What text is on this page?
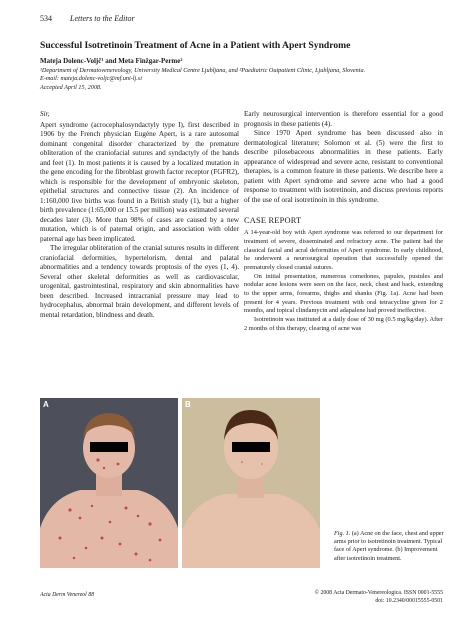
534 Letters to the Editor
Successful Isotretinoin Treatment of Acne in a Patient with Apert Syndrome
Mateja Dolenc-Voljč¹ and Meta Finžgar-Perme²
¹Department of Dermatovenereology, University Medical Centre Ljubljana, and ²Paediatric Outpatient Clinic, Ljubljana, Slovenia.
E-mail: mateja.dolenc-voljc@mf.uni-lj.si
Accepted April 15, 2008.

Sir,

Apert syndrome (acrocephalosyndactyly type I), first described in 1906 by the French physician Eugène Apert, is a rare autosomal dominant congenital disorder characterized by the premature obliteration of the craniofacial sutures and syndactyly of the hands and feet (1). In most patients it is caused by a localized mutation in the gene encoding for the fibroblast growth factor receptor (FGFR2), which is responsible for the development of embryonic skeleton, epithelial structures and connective tissue (2). An incidence of 1:160,000 live births was found in a British study (1), but a higher birth prevalence (1:65,000 or 15.5 per million) was estimated several decades later (3). More than 98% of cases are caused by a new mutation, which is of paternal origin, and association with older paternal age has been implicated.

The irregular obliteration of the cranial sutures results in different craniofacial deformities, hypertelorism, dental and palatal abnormalities and a tendency towards proptosis of the eyes (1, 4). Several other skeletal deformities as well as cardiovascular, urogenital, gastrointestinal, respiratory and skin abnormalities have been described. Increased intracranial pressure may lead to hydrocephalus, abnormal brain development, and different levels of mental retardation, blindness and death.

Early neurosurgical intervention is therefore essential for a good prognosis in these patients (4).

Since 1970 Apert syndrome has been discussed also in dermatological literature; Solomon et al. (5) were the first to describe pilosebaceous abnormalities in these patients. Early appearance of widespread and severe acne, resistant to conventional therapies, is a common feature in these patients. We describe here a patient with Apert syndrome and severe acne who had a good response to treatment with isotretinoin, and discuss previous reports of the use of oral isotretinoin in this syndrome.

CASE REPORT

A 14-year-old boy with Apert syndrome was referred to our department for treatment of severe, disseminated and refractory acne. The patient had the classical facial and acral deformities of Apert syndrome. In early childhood, he underwent a neurosurgical operation that successfully opened the prematurely closed cranial sutures.

On initial presentation, numerous comedones, papules, pustules and nodular acne lesions were seen on the face, neck, chest and back, extending to the upper arms, forearms, thighs and shanks (Fig. 1a). Acne had been present for 4 years. Previous treatment with oral tetracycline given for 2 months, and topical clindamycin and adapalene had proved ineffective.

Isotretinoin was instituted at a daily dose of 30 mg (0.5 mg/kg/day). After 2 months of this therapy, clearing of acne was

A	B
Fig. 1. (a) Acne on the face, chest and upper arms prior to isotretinoin treatment. Typical face of Apert syndrome. (b) Improvement after isotretinoin treatment.
Acta Derm Venereol 88	© 2008 Acta Dermato-Venereologica. ISSN 0001-5555
doi: 10.2340/00015555-0501
